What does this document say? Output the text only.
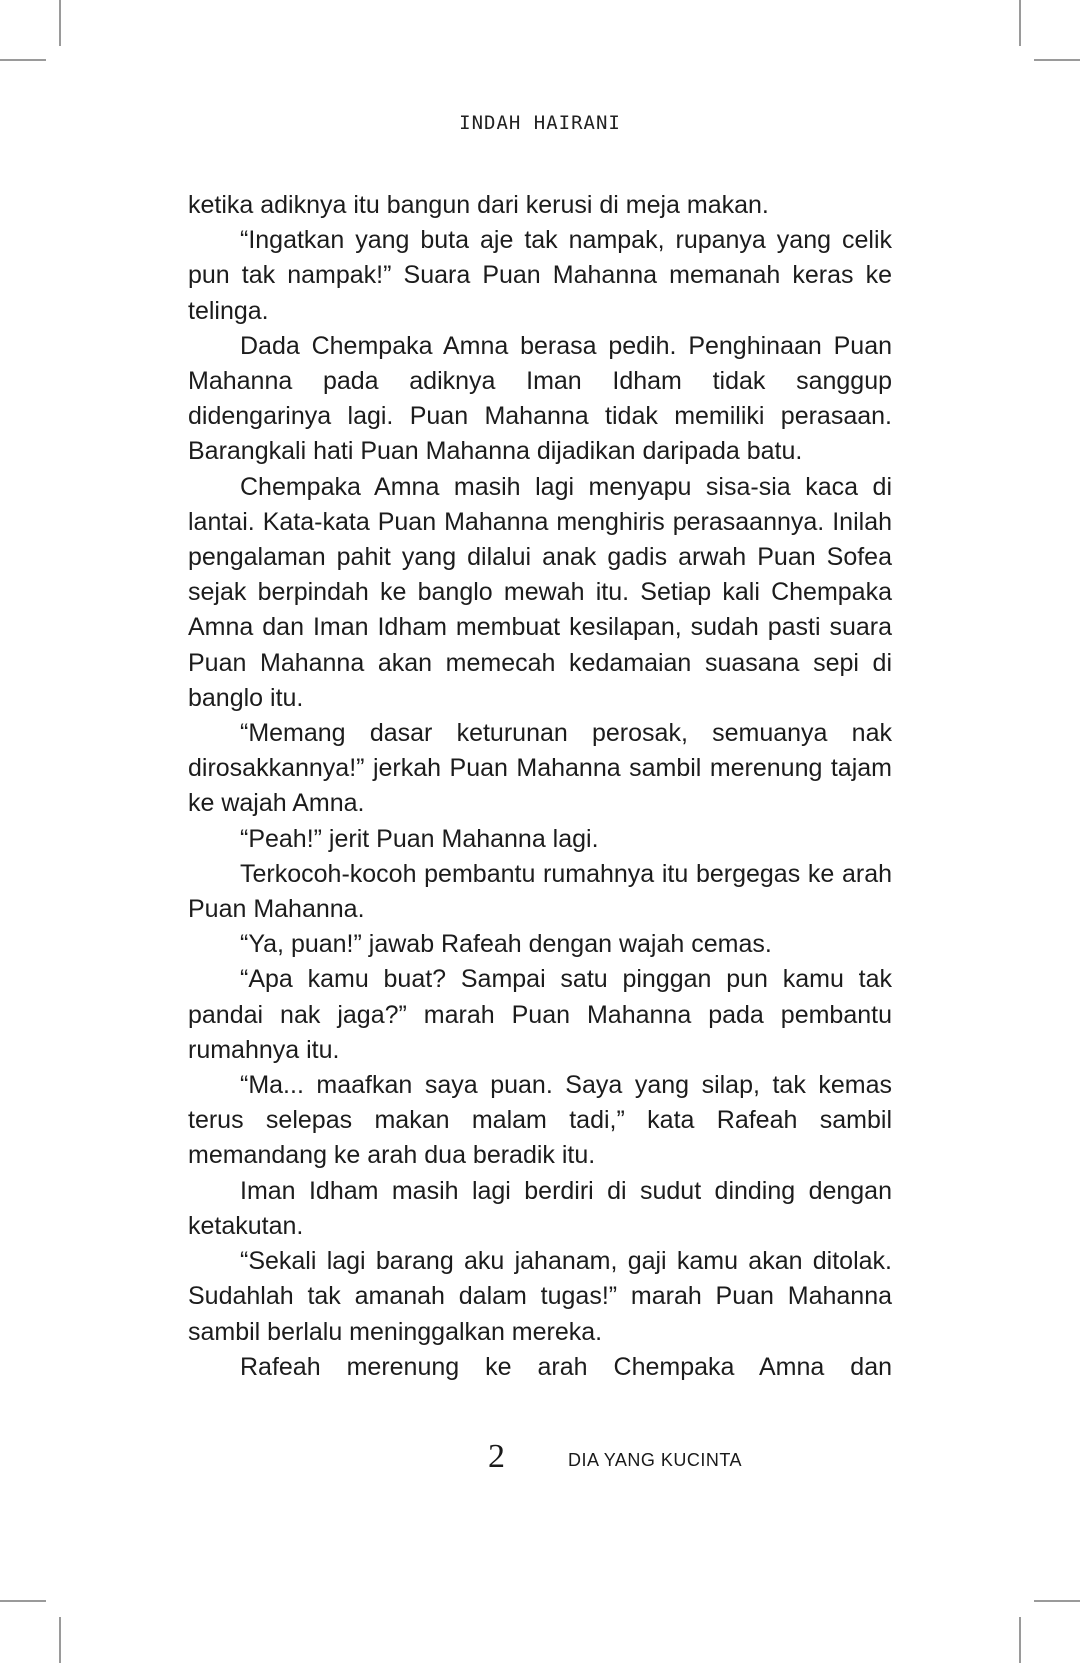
INDAH HAIRANI

ketika adiknya itu bangun dari kerusi di meja makan.

“Ingatkan yang buta aje tak nampak, rupanya yang celik pun tak nampak!” Suara Puan Mahanna memanah keras ke telinga.

Dada Chempaka Amna berasa pedih. Penghinaan Puan Mahanna pada adiknya Iman Idham tidak sanggup didengarinya lagi. Puan Mahanna tidak memiliki perasaan. Barangkali hati Puan Mahanna dijadikan daripada batu.

Chempaka Amna masih lagi menyapu sisa-sia kaca di lantai. Kata-kata Puan Mahanna menghiris perasaannya. Inilah pengalaman pahit yang dilalui anak gadis arwah Puan Sofea sejak berpindah ke banglo mewah itu. Setiap kali Chempaka Amna dan Iman Idham membuat kesilapan, sudah pasti suara Puan Mahanna akan memecah kedamaian suasana sepi di banglo itu.

“Memang dasar keturunan perosak, semuanya nak dirosakkannya!” jerkah Puan Mahanna sambil merenung tajam ke wajah Amna.

“Peah!” jerit Puan Mahanna lagi.

Terkocoh-kocoh pembantu rumahnya itu bergegas ke arah Puan Mahanna.

“Ya, puan!” jawab Rafeah dengan wajah cemas.

“Apa kamu buat? Sampai satu pinggan pun kamu tak pandai nak jaga?” marah Puan Mahanna pada pembantu rumahnya itu.

“Ma... maafkan saya puan. Saya yang silap, tak kemas terus selepas makan malam tadi,” kata Rafeah sambil memandang ke arah dua beradik itu.

Iman Idham masih lagi berdiri di sudut dinding dengan ketakutan.

“Sekali lagi barang aku jahanam, gaji kamu akan ditolak. Sudahlah tak amanah dalam tugas!” marah Puan Mahanna sambil berlalu meninggalkan mereka.

Rafeah merenung ke arah Chempaka Amna dan

2	DIA YANG KUCINTA
